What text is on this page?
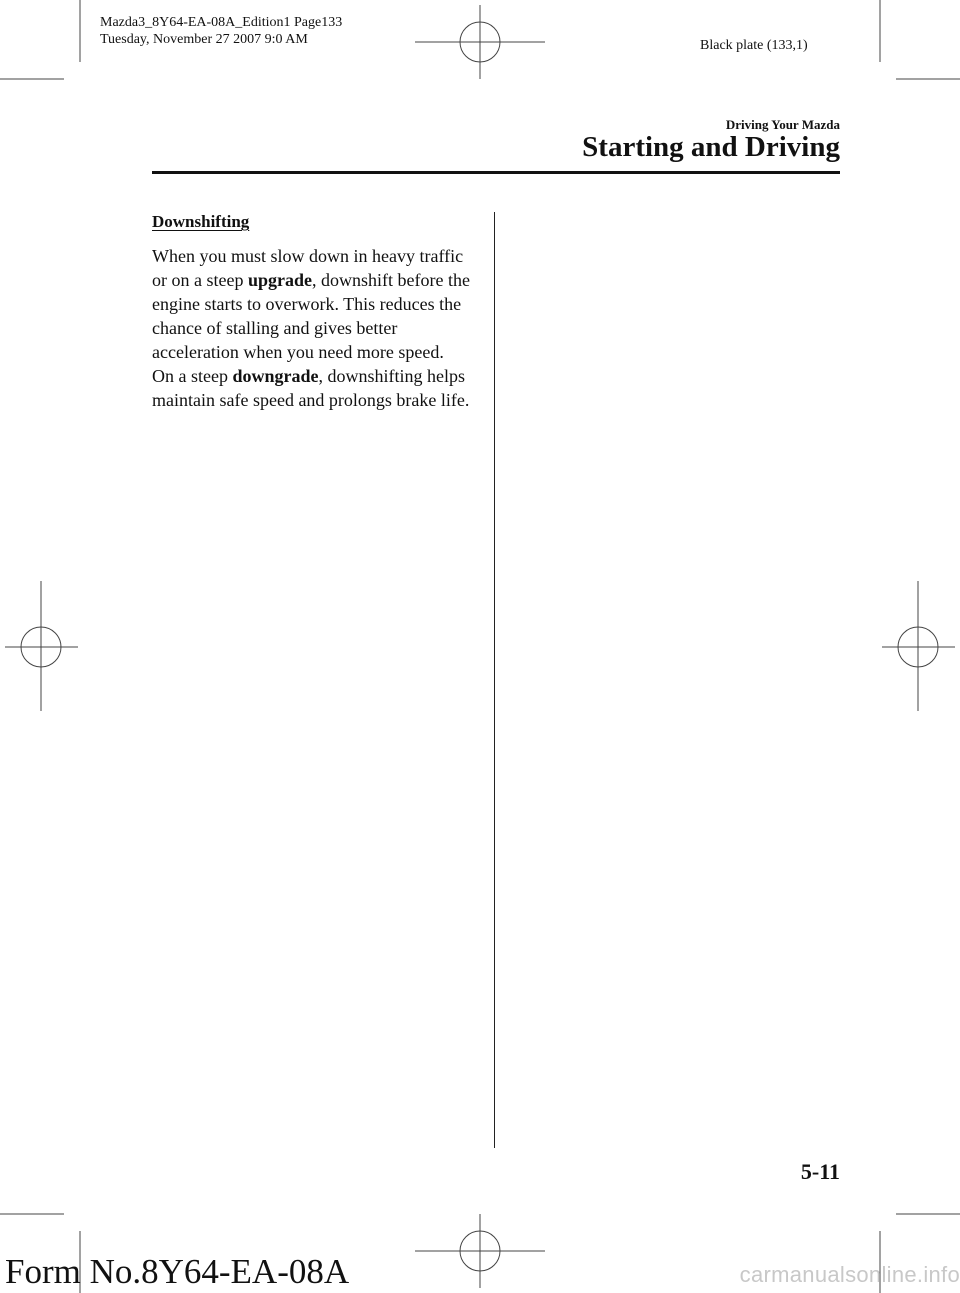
Mazda3_8Y64-EA-08A_Edition1 Page133
Tuesday, November 27 2007 9:0 AM	Black plate (133,1)
Driving Your Mazda
Starting and Driving
Downshifting

When you must slow down in heavy traffic or on a steep upgrade, downshift before the engine starts to overwork. This reduces the chance of stalling and gives better acceleration when you need more speed.

On a steep downgrade, downshifting helps maintain safe speed and prolongs brake life.

5-11
Form No.8Y64-EA-08A	carmanualsonline.info
